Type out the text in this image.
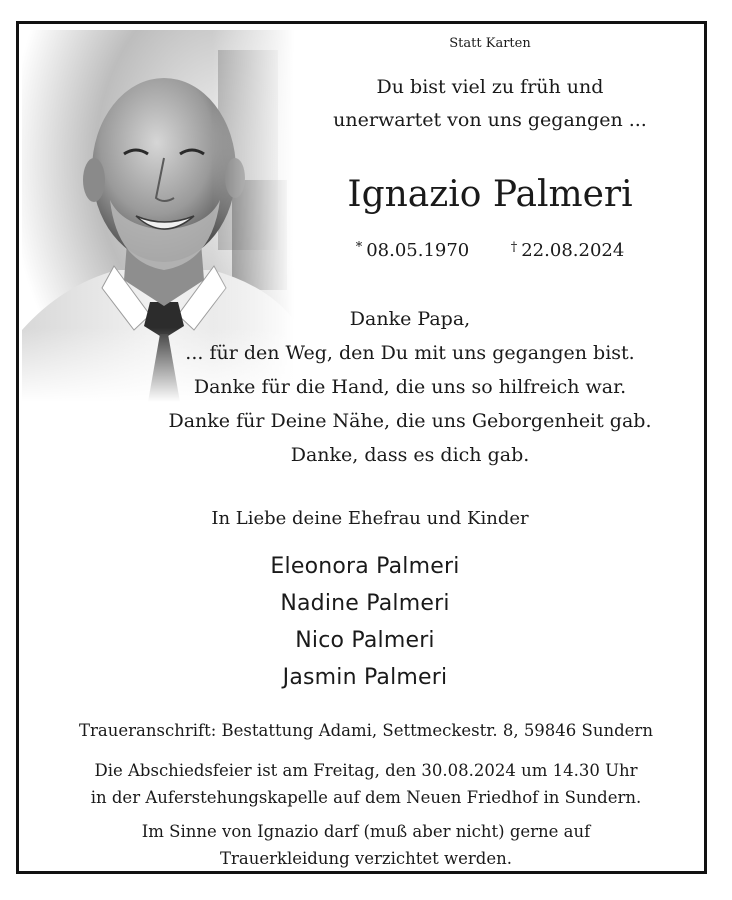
Statt Karten
Du bist viel zu früh und
unerwartet von uns gegangen ...
Ignazio Palmeri
* 08.05.1970	† 22.08.2024
Danke Papa,
... für den Weg, den Du mit uns gegangen bist.
Danke für die Hand, die uns so hilfreich war.
Danke für Deine Nähe, die uns Geborgenheit gab.
Danke, dass es dich gab.
In Liebe deine Ehefrau und Kinder
Eleonora Palmeri
Nadine Palmeri
Nico Palmeri
Jasmin Palmeri
Traueranschrift: Bestattung Adami, Settmeckestr. 8, 59846 Sundern
Die Abschiedsfeier ist am Freitag, den 30.08.2024 um 14.30 Uhr
in der Auferstehungskapelle auf dem Neuen Friedhof in Sundern.
Im Sinne von Ignazio darf (muß aber nicht) gerne auf
Trauerkleidung verzichtet werden.
